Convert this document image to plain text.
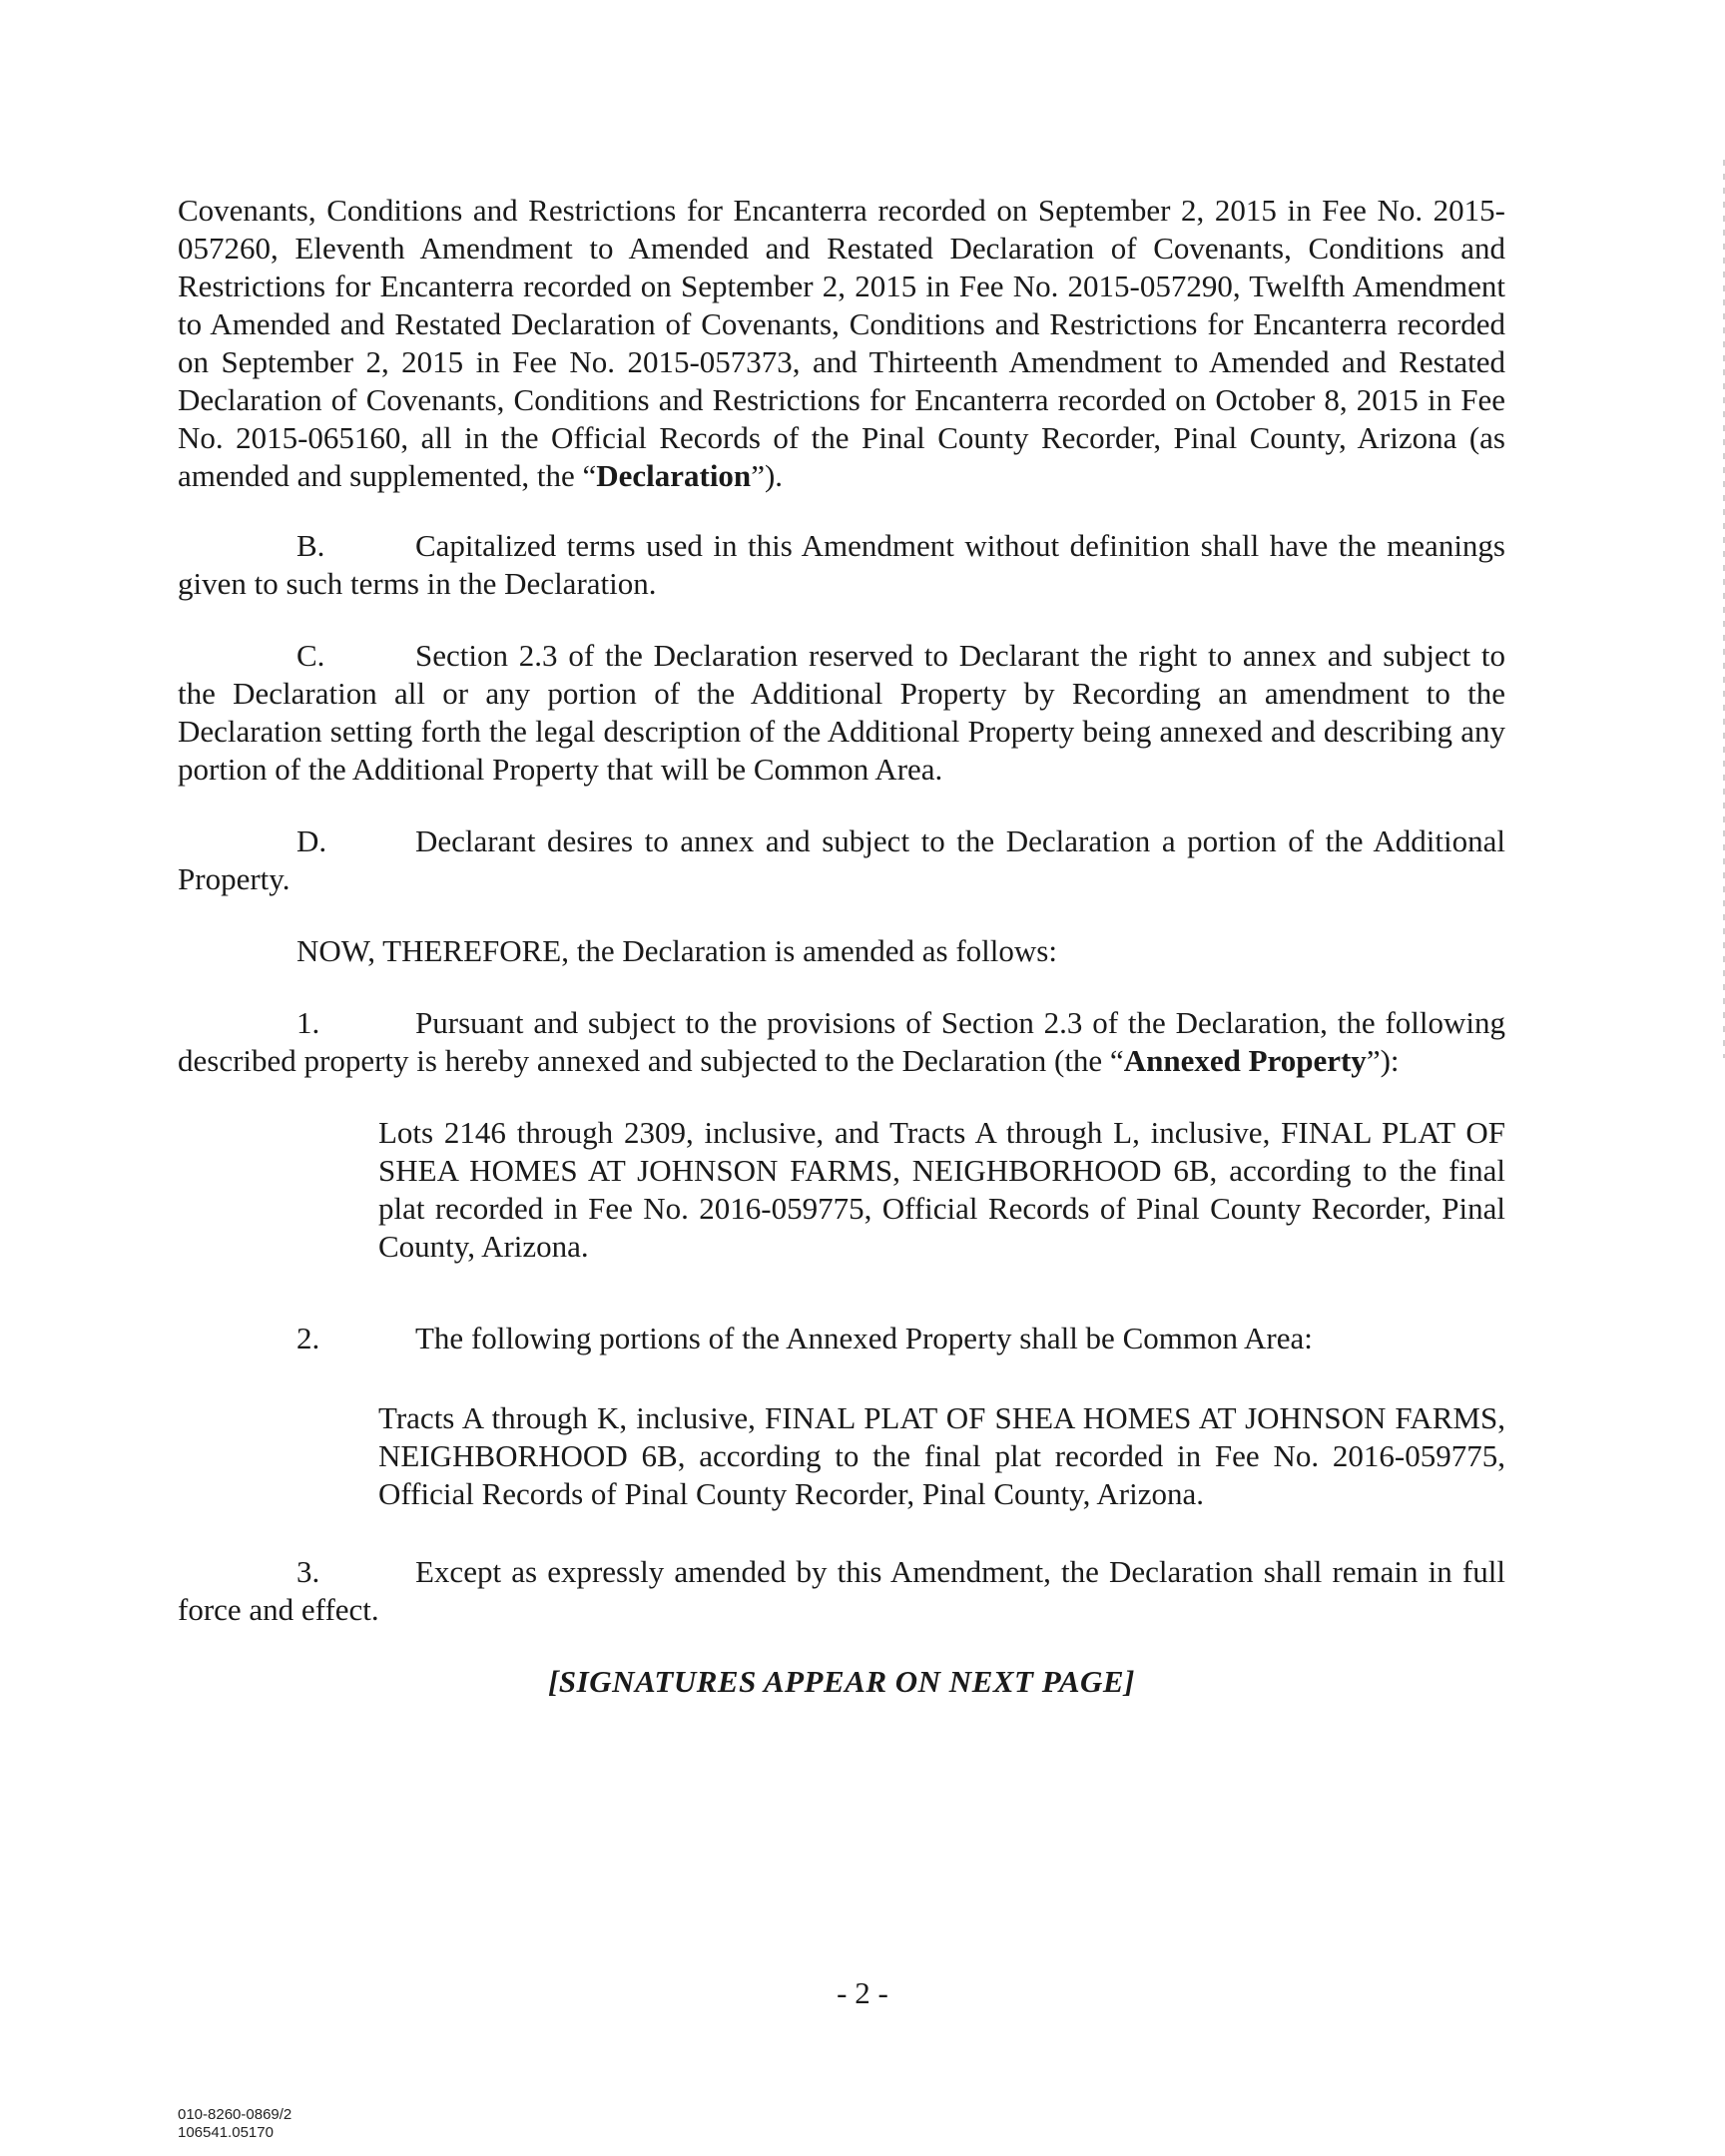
Covenants, Conditions and Restrictions for Encanterra recorded on September 2, 2015 in Fee No. 2015-057260, Eleventh Amendment to Amended and Restated Declaration of Covenants, Conditions and Restrictions for Encanterra recorded on September 2, 2015 in Fee No. 2015-057290, Twelfth Amendment to Amended and Restated Declaration of Covenants, Conditions and Restrictions for Encanterra recorded on September 2, 2015 in Fee No. 2015-057373, and Thirteenth Amendment to Amended and Restated Declaration of Covenants, Conditions and Restrictions for Encanterra recorded on October 8, 2015 in Fee No. 2015-065160, all in the Official Records of the Pinal County Recorder, Pinal County, Arizona (as amended and supplemented, the “Declaration”).

B.	Capitalized terms used in this Amendment without definition shall have the meanings given to such terms in the Declaration.

C.	Section 2.3 of the Declaration reserved to Declarant the right to annex and subject to the Declaration all or any portion of the Additional Property by Recording an amendment to the Declaration setting forth the legal description of the Additional Property being annexed and describing any portion of the Additional Property that will be Common Area.

D.	Declarant desires to annex and subject to the Declaration a portion of the Additional Property.

NOW, THEREFORE, the Declaration is amended as follows:

1.	Pursuant and subject to the provisions of Section 2.3 of the Declaration, the following described property is hereby annexed and subjected to the Declaration (the “Annexed Property”):

Lots 2146 through 2309, inclusive, and Tracts A through L, inclusive, FINAL PLAT OF SHEA HOMES AT JOHNSON FARMS, NEIGHBORHOOD 6B, according to the final plat recorded in Fee No. 2016-059775, Official Records of Pinal County Recorder, Pinal County, Arizona.

2.	The following portions of the Annexed Property shall be Common Area:

Tracts A through K, inclusive, FINAL PLAT OF SHEA HOMES AT JOHNSON FARMS, NEIGHBORHOOD 6B, according to the final plat recorded in Fee No. 2016-059775, Official Records of Pinal County Recorder, Pinal County, Arizona.

3.	Except as expressly amended by this Amendment, the Declaration shall remain in full force and effect.

[SIGNATURES APPEAR ON NEXT PAGE]

- 2 -
010-8260-0869/2
106541.05170
